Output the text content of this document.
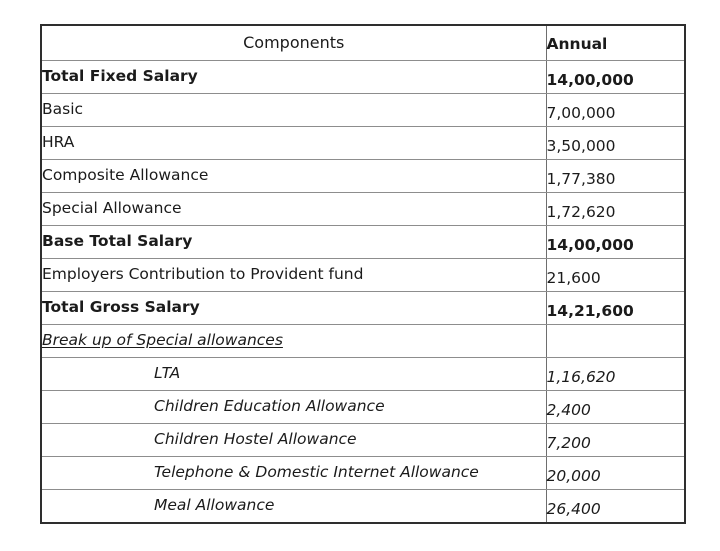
Components	Annual
Total Fixed Salary	14,00,000
Basic	7,00,000
HRA	3,50,000
Composite Allowance	1,77,380
Special Allowance	1,72,620
Base Total Salary	14,00,000
Employers Contribution to Provident fund	21,600
Total Gross Salary	14,21,600
Break up of Special allowances	
LTA	1,16,620
Children Education Allowance	2,400
Children Hostel Allowance	7,200
Telephone & Domestic Internet Allowance	20,000
Meal Allowance	26,400
